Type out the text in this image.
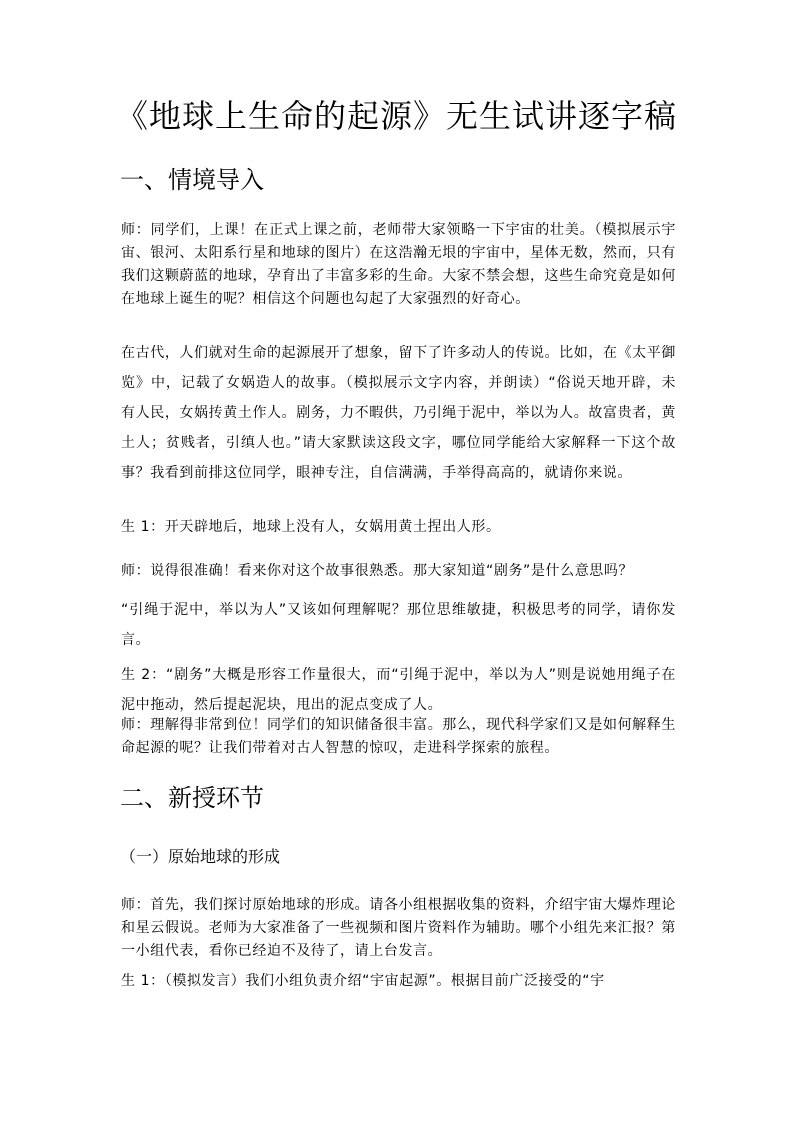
《地球上生命的起源》无生试讲逐字稿
一、情境导入

师：同学们，上课！在正式上课之前，老师带大家领略一下宇宙的壮美。（模拟展示宇宙、银河、太阳系行星和地球的图片）在这浩瀚无垠的宇宙中，星体无数，然而，只有我们这颗蔚蓝的地球，孕育出了丰富多彩的生命。大家不禁会想，这些生命究竟是如何在地球上诞生的呢？相信这个问题也勾起了大家强烈的好奇心。

在古代，人们就对生命的起源展开了想象，留下了许多动人的传说。比如，在《太平御览》中，记载了女娲造人的故事。（模拟展示文字内容，并朗读）“俗说天地开辟，未有人民，女娲抟黄土作人。剧务，力不暇供，乃引绳于泥中，举以为人。故富贵者，黄土人；贫贱者，引缜人也。”请大家默读这段文字，哪位同学能给大家解释一下这个故事？我看到前排这位同学，眼神专注，自信满满，手举得高高的，就请你来说。

生 1：开天辟地后，地球上没有人，女娲用黄土捏出人形。

师：说得很准确！看来你对这个故事很熟悉。那大家知道“剧务”是什么意思吗？

“引绳于泥中，举以为人”又该如何理解呢？那位思维敏捷，积极思考的同学，请你发言。

生 2：“剧务”大概是形容工作量很大，而“引绳于泥中，举以为人”则是说她用绳子在泥中拖动，然后提起泥块，甩出的泥点变成了人。

师：理解得非常到位！同学们的知识储备很丰富。那么，现代科学家们又是如何解释生命起源的呢？让我们带着对古人智慧的惊叹，走进科学探索的旅程。

二、新授环节
（一）原始地球的形成

师：首先，我们探讨原始地球的形成。请各小组根据收集的资料，介绍宇宙大爆炸理论和星云假说。老师为大家准备了一些视频和图片资料作为辅助。哪个小组先来汇报？第一小组代表，看你已经迫不及待了，请上台发言。

生 1：（模拟发言）我们小组负责介绍“宇宙起源”。根据目前广泛接受的“宇
